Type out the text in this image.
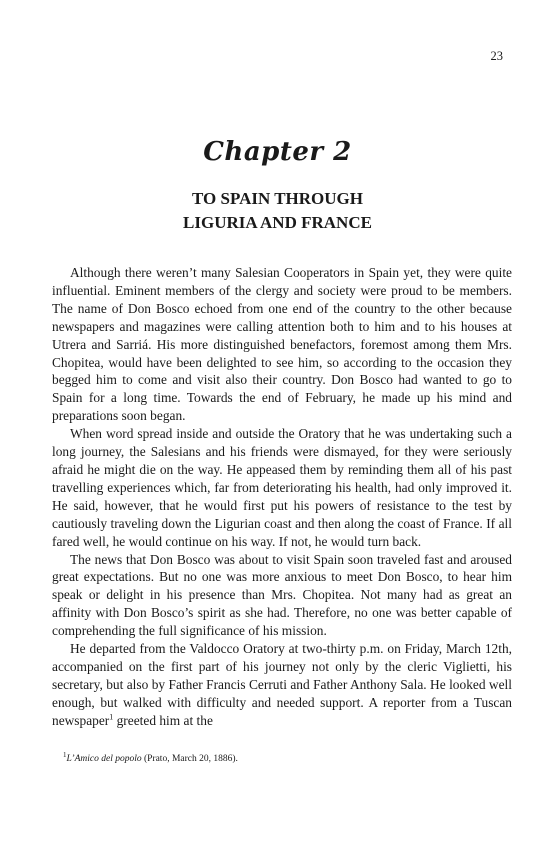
23
Chapter 2
TO SPAIN THROUGH
LIGURIA AND FRANCE

Although there weren’t many Salesian Cooperators in Spain yet, they were quite influential. Eminent members of the clergy and society were proud to be members. The name of Don Bosco echoed from one end of the country to the other because newspapers and magazines were calling attention both to him and to his houses at Utrera and Sarriá. His more distinguished benefactors, foremost among them Mrs. Chopitea, would have been delighted to see him, so according to the occasion they begged him to come and visit also their country. Don Bosco had wanted to go to Spain for a long time. Towards the end of February, he made up his mind and preparations soon began.

When word spread inside and outside the Oratory that he was undertaking such a long journey, the Salesians and his friends were dismayed, for they were seriously afraid he might die on the way. He appeased them by reminding them all of his past travelling experiences which, far from deteriorating his health, had only improved it. He said, however, that he would first put his powers of resistance to the test by cautiously traveling down the Ligurian coast and then along the coast of France. If all fared well, he would continue on his way. If not, he would turn back.

The news that Don Bosco was about to visit Spain soon traveled fast and aroused great expectations. But no one was more anxious to meet Don Bosco, to hear him speak or delight in his presence than Mrs. Chopitea. Not many had as great an affinity with Don Bosco’s spirit as she had. Therefore, no one was better capable of comprehending the full significance of his mission.

He departed from the Valdocco Oratory at two-thirty p.m. on Friday, March 12th, accompanied on the first part of his journey not only by the cleric Viglietti, his secretary, but also by Father Francis Cerruti and Father Anthony Sala. He looked well enough, but walked with difficulty and needed support. A reporter from a Tuscan newspaper$^1$ greeted him at the

$^1$L’Amico del popolo (Prato, March 20, 1886).
